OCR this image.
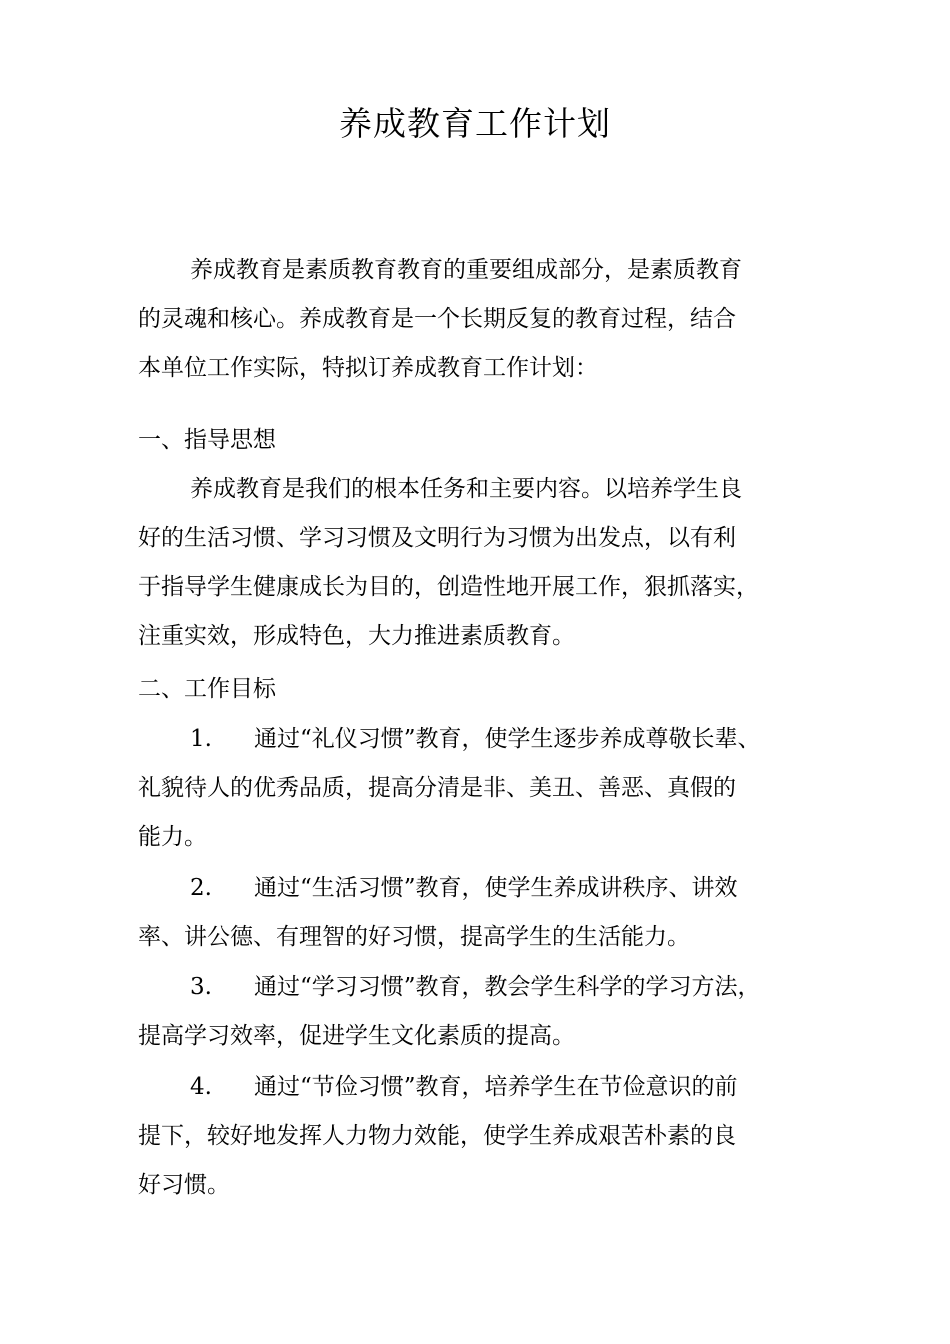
养成教育工作计划
养成教育是素质教育教育的重要组成部分，是素质教育
的灵魂和核心。养成教育是一个长期反复的教育过程，结合
本单位工作实际，特拟订养成教育工作计划：
一、指导思想
养成教育是我们的根本任务和主要内容。以培养学生良
好的生活习惯、学习习惯及文明行为习惯为出发点，以有利
于指导学生健康成长为目的，创造性地开展工作，狠抓落实，
注重实效，形成特色，大力推进素质教育。
二、工作目标
1. 通过“礼仪习惯”教育，使学生逐步养成尊敬长辈、
礼貌待人的优秀品质，提高分清是非、美丑、善恶、真假的
能力。
2. 通过“生活习惯”教育，使学生养成讲秩序、讲效
率、讲公德、有理智的好习惯，提高学生的生活能力。
3. 通过“学习习惯”教育，教会学生科学的学习方法，
提高学习效率，促进学生文化素质的提高。
4. 通过“节俭习惯”教育，培养学生在节俭意识的前
提下，较好地发挥人力物力效能，使学生养成艰苦朴素的良
好习惯。
